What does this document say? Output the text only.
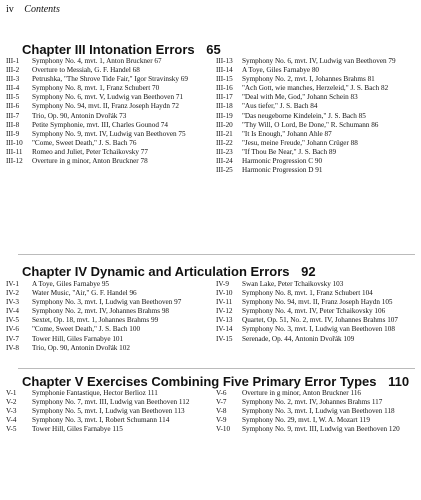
iv Contents
Chapter III Intonation Errors 65
III-1	Symphony No. 4, mvt. 1, Anton Bruckner 67
III-2	Overture to Messiah, G. F. Handel 68
III-3	Petrushka, "The Shrove Tide Fair," Igor Stravinsky 69
III-4	Symphony No. 8, mvt. 1, Franz Schubert 70
III-5	Symphony No. 6, mvt. V, Ludwig van Beethoven 71
III-6	Symphony No. 94, mvt. II, Franz Joseph Haydn 72
III-7	Trio, Op. 90, Antonin Dvořák 73
III-8	Petite Symphonie, mvt. III, Charles Gounod 74
III-9	Symphony No. 9, mvt. IV, Ludwig van Beethoven 75
III-10	"Come, Sweet Death," J. S. Bach 76
III-11	Romeo and Juliet, Peter Tchaikovsky 77
III-12	Overture in g minor, Anton Bruckner 78
III-13	Symphony No. 6, mvt. IV, Ludwig van Beethoven 79
III-14	A Toye, Giles Farnabye 80
III-15	Symphony No. 2, mvt. I, Johannes Brahms 81
III-16	"Ach Gott, wie manches, Herzeleid," J. S. Bach 82
III-17	"Deal with Me, God," Johann Schein 83
III-18	"Aus tiefer," J. S. Bach 84
III-19	"Das neugeborne Kindelein," J. S. Bach 85
III-20	"Thy Will, O Lord, Be Done," R. Schumann 86
III-21	"It Is Enough," Johann Ahle 87
III-22	"Jesu, meine Freude," Johann Crüger 88
III-23	"If Thou Be Near," J. S. Bach 89
III-24	Harmonic Progression C 90
III-25	Harmonic Progression D 91
Chapter IV Dynamic and Articulation Errors 92
IV-1	A Toye, Giles Farnabye 95
IV-2	Water Music, "Air," G. F. Handel 96
IV-3	Symphony No. 3, mvt. I, Ludwig van Beethoven 97
IV-4	Symphony No. 2, mvt. IV, Johannes Brahms 98
IV-5	Sextet, Op. 18, mvt. 1, Johannes Brahms 99
IV-6	"Come, Sweet Death," J. S. Bach 100
IV-7	Tower Hill, Giles Farnabye 101
IV-8	Trio, Op. 90, Antonin Dvořák 102
IV-9	Swan Lake, Peter Tchaikovsky 103
IV-10	Symphony No. 8, mvt. 1, Franz Schubert 104
IV-11	Symphony No. 94, mvt. II, Franz Joseph Haydn 105
IV-12	Symphony No. 4, mvt. IV, Peter Tchaikovsky 106
IV-13	Quartet, Op. 51, No. 2, mvt. IV, Johannes Brahms 107
IV-14	Symphony No. 3, mvt. I, Ludwig van Beethoven 108
IV-15	Serenade, Op. 44, Antonin Dvořák 109
Chapter V Exercises Combining Five Primary Error Types 110
V-1	Symphonie Fantastique, Hector Berlioz 111
V-2	Symphony No. 7, mvt. III, Ludwig van Beethoven 112
V-3	Symphony No. 5, mvt. I, Ludwig van Beethoven 113
V-4	Symphony No. 3, mvt. I, Robert Schumann 114
V-5	Tower Hill, Giles Farnabye 115
V-6	Overture in g minor, Anton Bruckner 116
V-7	Symphony No. 2, mvt. IV, Johannes Brahms 117
V-8	Symphony No. 3, mvt. I, Ludwig van Beethoven 118
V-9	Symphony No. 29, mvt. I, W. A. Mozart 119
V-10	Symphony No. 9, mvt. III, Ludwig van Beethoven 120
